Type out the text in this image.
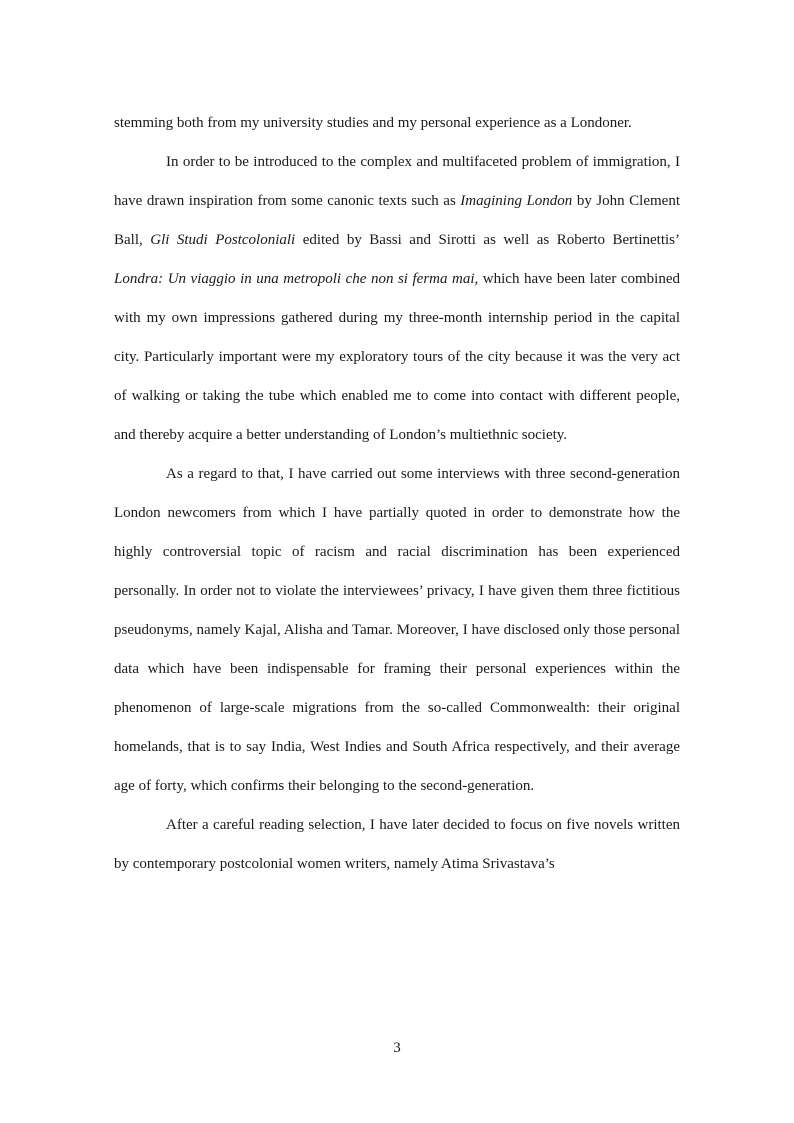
stemming both from my university studies and my personal experience as a Londoner.

In order to be introduced to the complex and multifaceted problem of immigration, I have drawn inspiration from some canonic texts such as Imagining London by John Clement Ball, Gli Studi Postcoloniali edited by Bassi and Sirotti as well as Roberto Bertinettis’ Londra: Un viaggio in una metropoli che non si ferma mai, which have been later combined with my own impressions gathered during my three-month internship period in the capital city. Particularly important were my exploratory tours of the city because it was the very act of walking or taking the tube which enabled me to come into contact with different people, and thereby acquire a better understanding of London’s multiethnic society.

As a regard to that, I have carried out some interviews with three second-generation London newcomers from which I have partially quoted in order to demonstrate how the highly controversial topic of racism and racial discrimination has been experienced personally. In order not to violate the interviewees’ privacy, I have given them three fictitious pseudonyms, namely Kajal, Alisha and Tamar. Moreover, I have disclosed only those personal data which have been indispensable for framing their personal experiences within the phenomenon of large-scale migrations from the so-called Commonwealth: their original homelands, that is to say India, West Indies and South Africa respectively, and their average age of forty, which confirms their belonging to the second-generation.

After a careful reading selection, I have later decided to focus on five novels written by contemporary postcolonial women writers, namely Atima Srivastava’s

3
